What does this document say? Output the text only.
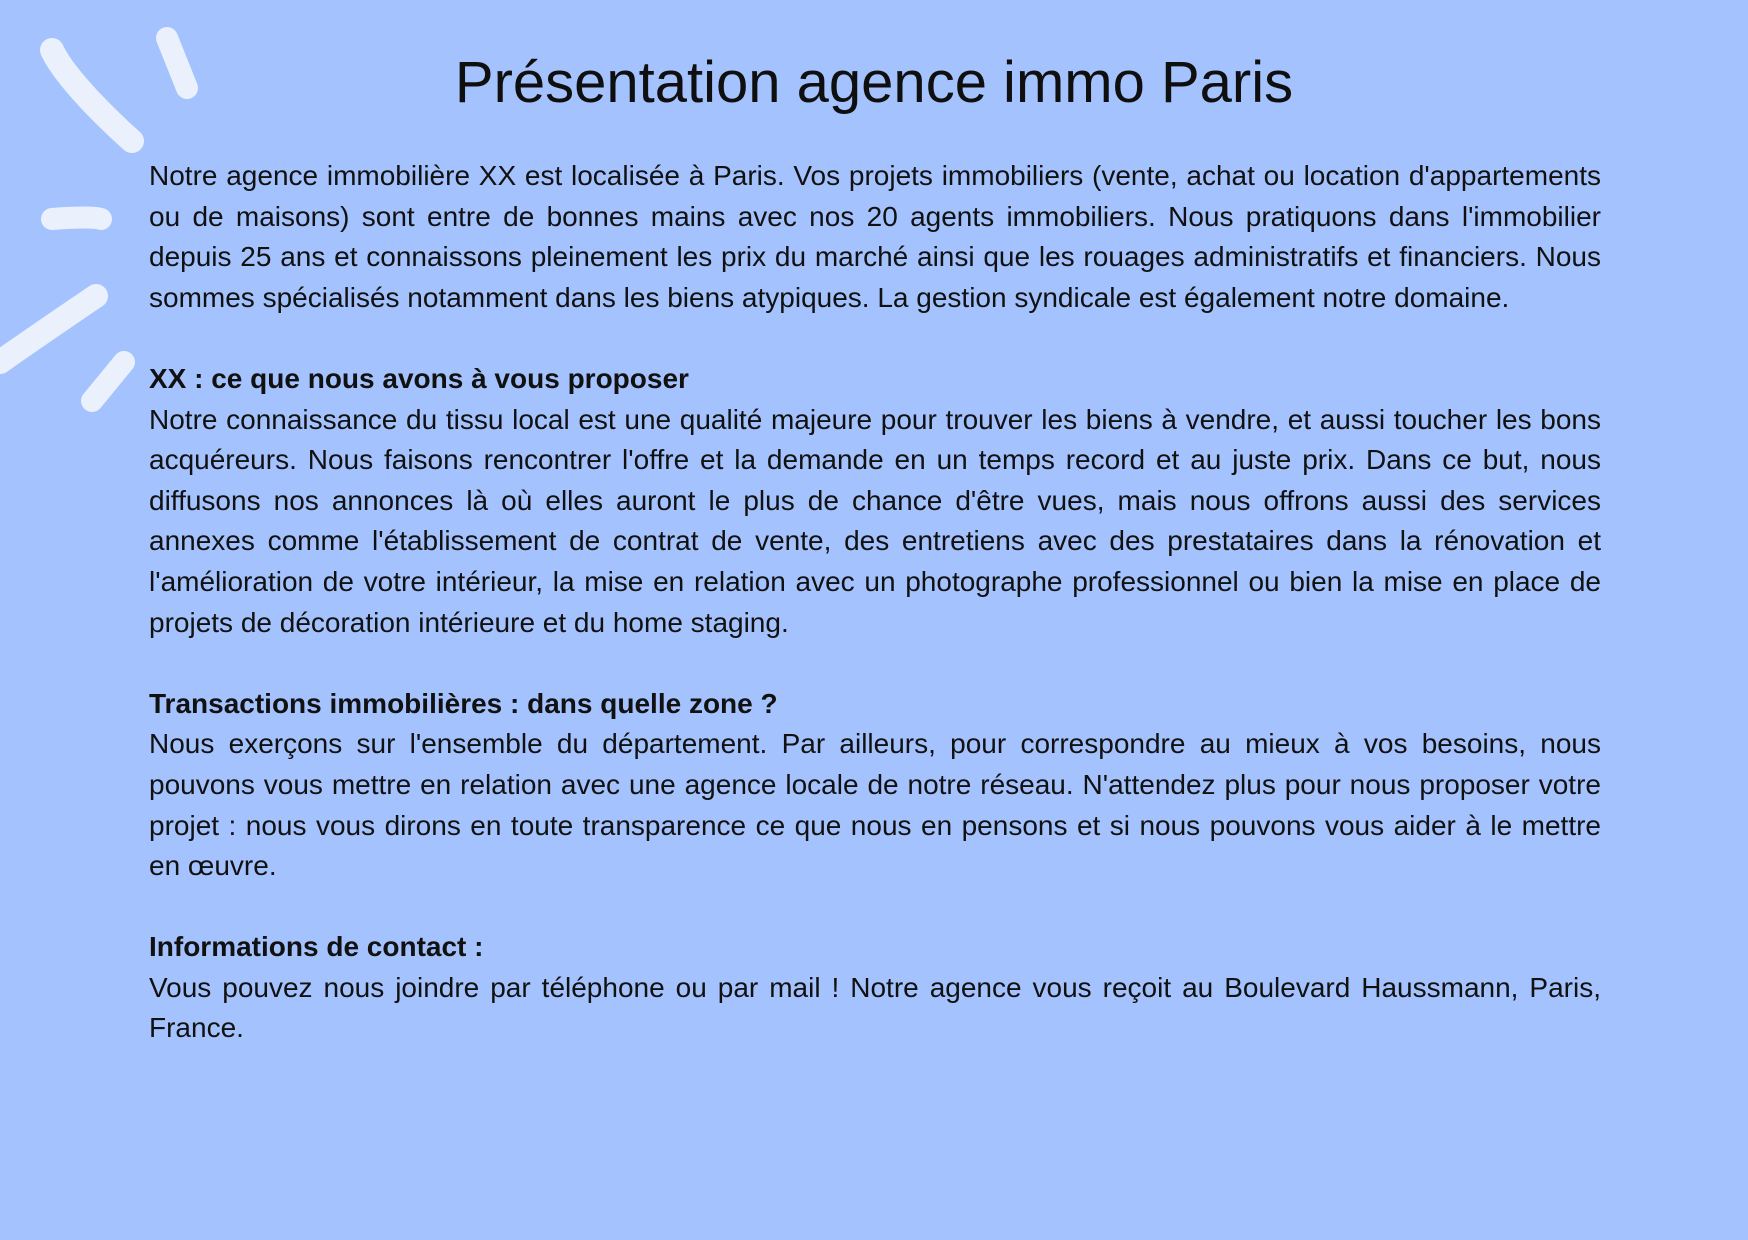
Présentation agence immo Paris

Notre agence immobilière XX est localisée à Paris. Vos projets immobiliers (vente, achat ou location d'appartements ou de maisons) sont entre de bonnes mains avec nos 20 agents immobiliers. Nous pratiquons dans l'immobilier depuis 25 ans et connaissons pleinement les prix du marché ainsi que les rouages administratifs et financiers. Nous sommes spécialisés notamment dans les biens atypiques. La gestion syndicale est également notre domaine.

XX : ce que nous avons à vous proposer

Notre connaissance du tissu local est une qualité majeure pour trouver les biens à vendre, et aussi toucher les bons acquéreurs. Nous faisons rencontrer l'offre et la demande en un temps record et au juste prix. Dans ce but, nous diffusons nos annonces là où elles auront le plus de chance d'être vues, mais nous offrons aussi des services annexes comme l'établissement de contrat de vente, des entretiens avec des prestataires dans la rénovation et l'amélioration de votre intérieur, la mise en relation avec un photographe professionnel ou bien la mise en place de projets de décoration intérieure et du home staging.

Transactions immobilières : dans quelle zone ?

Nous exerçons sur l'ensemble du département. Par ailleurs, pour correspondre au mieux à vos besoins, nous pouvons vous mettre en relation avec une agence locale de notre réseau. N'attendez plus pour nous proposer votre projet : nous vous dirons en toute transparence ce que nous en pensons et si nous pouvons vous aider à le mettre en œuvre.

Informations de contact :

Vous pouvez nous joindre par téléphone ou par mail ! Notre agence vous reçoit au Boulevard Haussmann, Paris, France.
